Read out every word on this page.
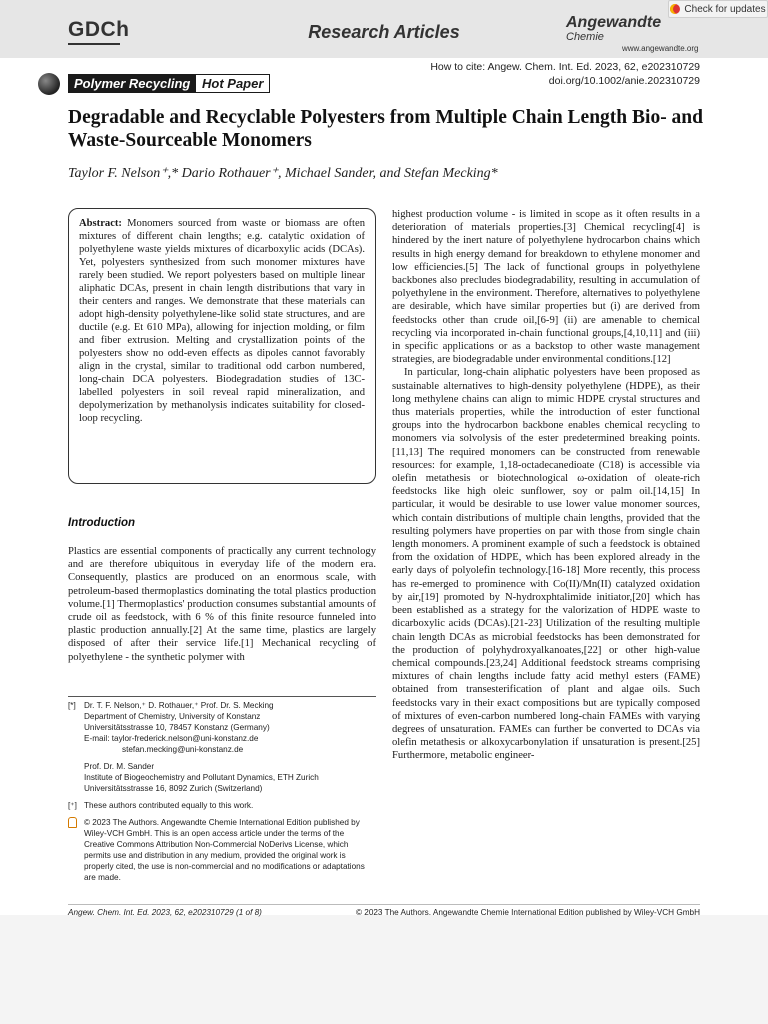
GDCh	Research Articles	Angewandte
Chemie
www.angewandte.org
Check for updates
How to cite: Angew. Chem. Int. Ed. 2023, 62, e202310729
doi.org/10.1002/anie.202310729
Polymer Recycling Hot Paper
Degradable and Recyclable Polyesters from Multiple Chain Length Bio- and Waste-Sourceable Monomers
Taylor F. Nelson⁺,* Dario Rothauer⁺, Michael Sander, and Stefan Mecking*
Abstract: Monomers sourced from waste or biomass are often mixtures of different chain lengths; e.g. catalytic oxidation of polyethylene waste yields mixtures of dicarboxylic acids (DCAs). Yet, polyesters synthesized from such monomer mixtures have rarely been studied. We report polyesters based on multiple linear aliphatic DCAs, present in chain length distributions that vary in their centers and ranges. We demonstrate that these materials can adopt high-density polyethylene-like solid state structures, and are ductile (e.g. Et 610 MPa), allowing for injection molding, or film and fiber extrusion. Melting and crystallization points of the polyesters show no odd-even effects as dipoles cannot favorably align in the crystal, similar to traditional odd carbon numbered, long-chain DCA polyesters. Biodegradation studies of 13C-labelled polyesters in soil reveal rapid mineralization, and depolymerization by methanolysis indicates suitability for closed-loop recycling.
Introduction
Plastics are essential components of practically any current technology and are therefore ubiquitous in everyday life of the modern era. Consequently, plastics are produced on an enormous scale, with petroleum-based thermoplastics dominating the total plastics production volume.[1] Thermoplastics' production consumes substantial amounts of crude oil as feedstock, with 6 % of this finite resource funneled into plastic production annually.[2] At the same time, plastics are largely disposed of after their service life.[1] Mechanical recycling of polyethylene - the synthetic polymer with
[*]	Dr. T. F. Nelson,⁺ D. Rothauer,⁺ Prof. Dr. S. Mecking
Department of Chemistry, University of Konstanz
Universitätsstrasse 10, 78457 Konstanz (Germany)
E-mail: taylor-frederick.nelson@uni-konstanz.de
stefan.mecking@uni-konstanz.de
Prof. Dr. M. Sander
Institute of Biogeochemistry and Pollutant Dynamics, ETH Zurich
Universitätsstrasse 16, 8092 Zurich (Switzerland)
[⁺] These authors contributed equally to this work.
© 2023 The Authors. Angewandte Chemie International Edition published by Wiley-VCH GmbH. This is an open access article under the terms of the Creative Commons Attribution Non-Commercial NoDerivs License, which permits use and distribution in any medium, provided the original work is properly cited, the use is non-commercial and no modifications or adaptations are made.

highest production volume - is limited in scope as it often results in a deterioration of materials properties.[3] Chemical recycling[4] is hindered by the inert nature of polyethylene hydrocarbon chains which results in high energy demand for breakdown to ethylene monomer and low efficiencies.[5] The lack of functional groups in polyethylene backbones also precludes biodegradability, resulting in accumulation of polyethylene in the environment. Therefore, alternatives to polyethylene are desirable, which have similar properties but (i) are derived from feedstocks other than crude oil,[6-9] (ii) are amenable to chemical recycling via incorporated in-chain functional groups,[4,10,11] and (iii) in specific applications or as a backstop to other waste management strategies, are biodegradable under environmental conditions.[12]

In particular, long-chain aliphatic polyesters have been proposed as sustainable alternatives to high-density polyethylene (HDPE), as their long methylene chains can align to mimic HDPE crystal structures and thus materials properties, while the introduction of ester functional groups into the hydrocarbon backbone enables chemical recycling to monomers via solvolysis of the ester predetermined breaking points.[11,13] The required monomers can be constructed from renewable resources: for example, 1,18-octadecanedioate (C18) is accessible via olefin metathesis or biotechnological ω-oxidation of oleate-rich feedstocks like high oleic sunflower, soy or palm oil.[14,15] In particular, it would be desirable to use lower value monomer sources, which contain distributions of multiple chain lengths, provided that the resulting polymers have properties on par with those from single chain length monomers. A prominent example of such a feedstock is obtained from the oxidation of HDPE, which has been explored already in the early days of polyolefin technology.[16-18] More recently, this process has re-emerged to prominence with Co(II)/Mn(II) catalyzed oxidation by air,[19] promoted by N-hydroxphtalimide initiator,[20] which has been established as a strategy for the valorization of HDPE waste to dicarboxylic acids (DCAs).[21-23] Utilization of the resulting multiple chain length DCAs as microbial feedstocks has been demonstrated for the production of polyhydroxyalkanoates,[22] or other high-value chemical compounds.[23,24] Additional feedstock streams comprising mixtures of chain lengths include fatty acid methyl esters (FAME) obtained from transesterification of plant and algae oils. Such feedstocks vary in their exact compositions but are typically composed of mixtures of even-carbon numbered long-chain FAMEs with varying degrees of unsaturation. FAMEs can further be converted to DCAs via olefin metathesis or alkoxycarbonylation if unsaturation is present.[25] Furthermore, metabolic engineer-

Angew. Chem. Int. Ed. 2023, 62, e202310729 (1 of 8)	© 2023 The Authors. Angewandte Chemie International Edition published by Wiley-VCH GmbH
